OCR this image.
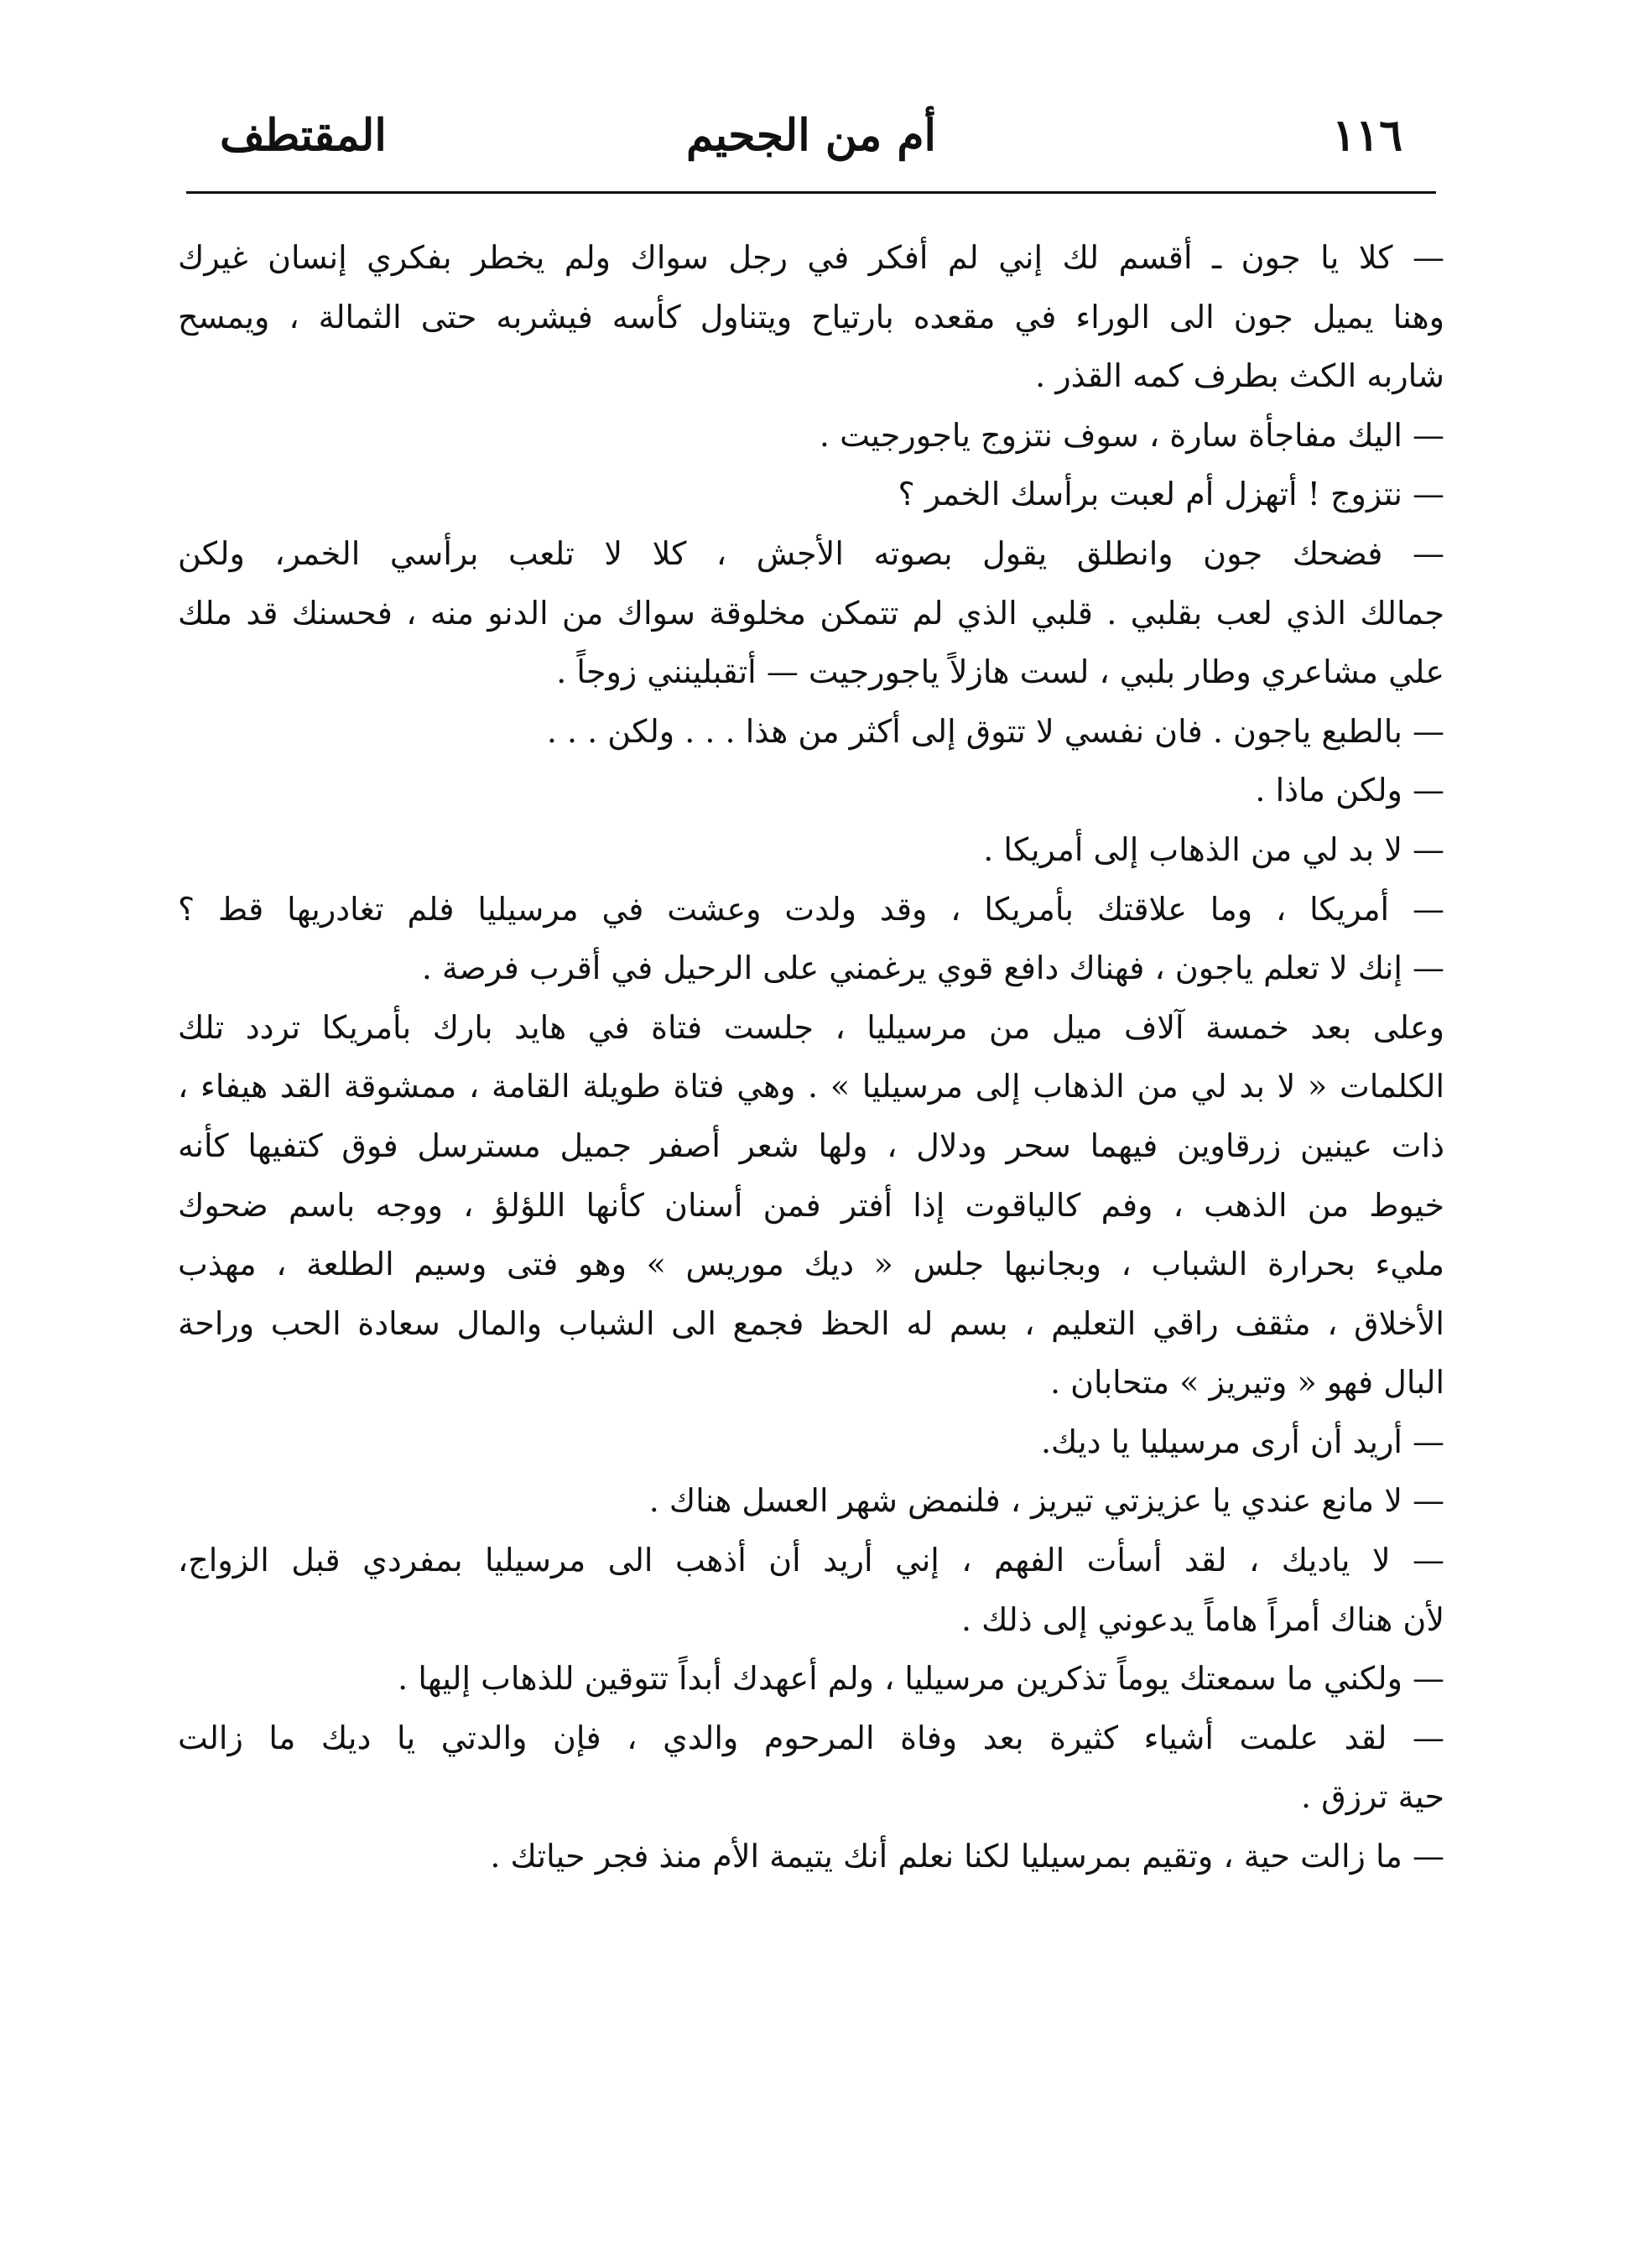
١١٦
أم من الجحيم
المقتطف
— كلا يا جون ـ أقسم لك إني لم أفكر في رجل سواك ولم يخطر بفكري إنسان غيرك
وهنا يميل جون الى الوراء في مقعده بارتياح ويتناول كأسه فيشربه حتى الثمالة ، ويمسح
شاربه الكث بطرف كمه القذر .
— اليك مفاجأة سارة ، سوف نتزوج ياجورجيت .
— نتزوج ! أتهزل أم لعبت برأسك الخمر ؟
— فضحك جون وانطلق يقول بصوته الأجش ، كلا لا تلعب برأسي الخمر، ولكن
جمالك الذي لعب بقلبي . قلبي الذي لم تتمكن مخلوقة سواك من الدنو منه ، فحسنك قد ملك
علي مشاعري وطار بلبي ، لست هازلاً ياجورجيت — أتقبلينني زوجاً .
— بالطبع ياجون . فان نفسي لا تتوق إلى أكثر من هذا . . . ولكن . . .
— ولكن ماذا .
— لا بد لي من الذهاب إلى أمريكا .
— أمريكا ، وما علاقتك بأمريكا ، وقد ولدت وعشت في مرسيليا فلم تغادريها قط ؟
— إنك لا تعلم ياجون ، فهناك دافع قوي يرغمني على الرحيل في أقرب فرصة .
وعلى بعد خمسة آلاف ميل من مرسيليا ، جلست فتاة في هايد بارك بأمريكا تردد تلك
الكلمات « لا بد لي من الذهاب إلى مرسيليا » . وهي فتاة طويلة القامة ، ممشوقة القد هيفاء ،
ذات عينين زرقاوين فيهما سحر ودلال ، ولها شعر أصفر جميل مسترسل فوق كتفيها كأنه
خيوط من الذهب ، وفم كالياقوت إذا أفتر فمن أسنان كأنها اللؤلؤ ، ووجه باسم ضحوك
مليء بحرارة الشباب ، وبجانبها جلس « ديك موريس » وهو فتى وسيم الطلعة ، مهذب
الأخلاق ، مثقف راقي التعليم ، بسم له الحظ فجمع الى الشباب والمال سعادة الحب وراحة
البال فهو « وتيريز » متحابان .
— أريد أن أرى مرسيليا يا ديك.
— لا مانع عندي يا عزيزتي تيريز ، فلنمض شهر العسل هناك .
— لا ياديك ، لقد أسأت الفهم ، إني أريد أن أذهب الى مرسيليا بمفردي قبل الزواج،
لأن هناك أمراً هاماً يدعوني إلى ذلك .
— ولكني ما سمعتك يوماً تذكرين مرسيليا ، ولم أعهدك أبداً تتوقين للذهاب إليها .
— لقد علمت أشياء كثيرة بعد وفاة المرحوم والدي ، فإن والدتي يا ديك ما زالت
حية ترزق .
— ما زالت حية ، وتقيم بمرسيليا لكنا نعلم أنك يتيمة الأم منذ فجر حياتك .
